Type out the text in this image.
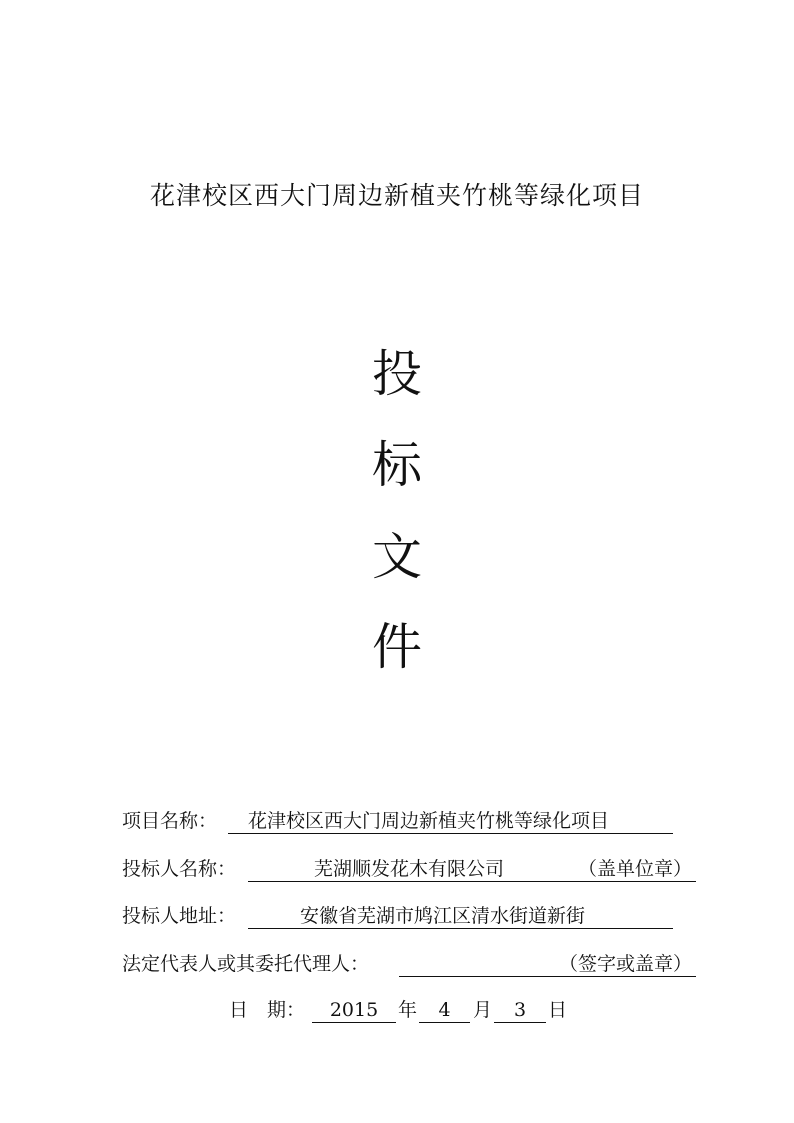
花津校区西大门周边新植夹竹桃等绿化项目
投
标
文
件
项目名称： 花津校区西大门周边新植夹竹桃等绿化项目
投标人名称：	芜湖顺发花木有限公司	（盖单位章）
投标人地址：	安徽省芜湖市鸠江区清水街道新街
法定代表人或其委托代理人：	（签字或盖章）
日　期：	2015	年	4	月	3	日
